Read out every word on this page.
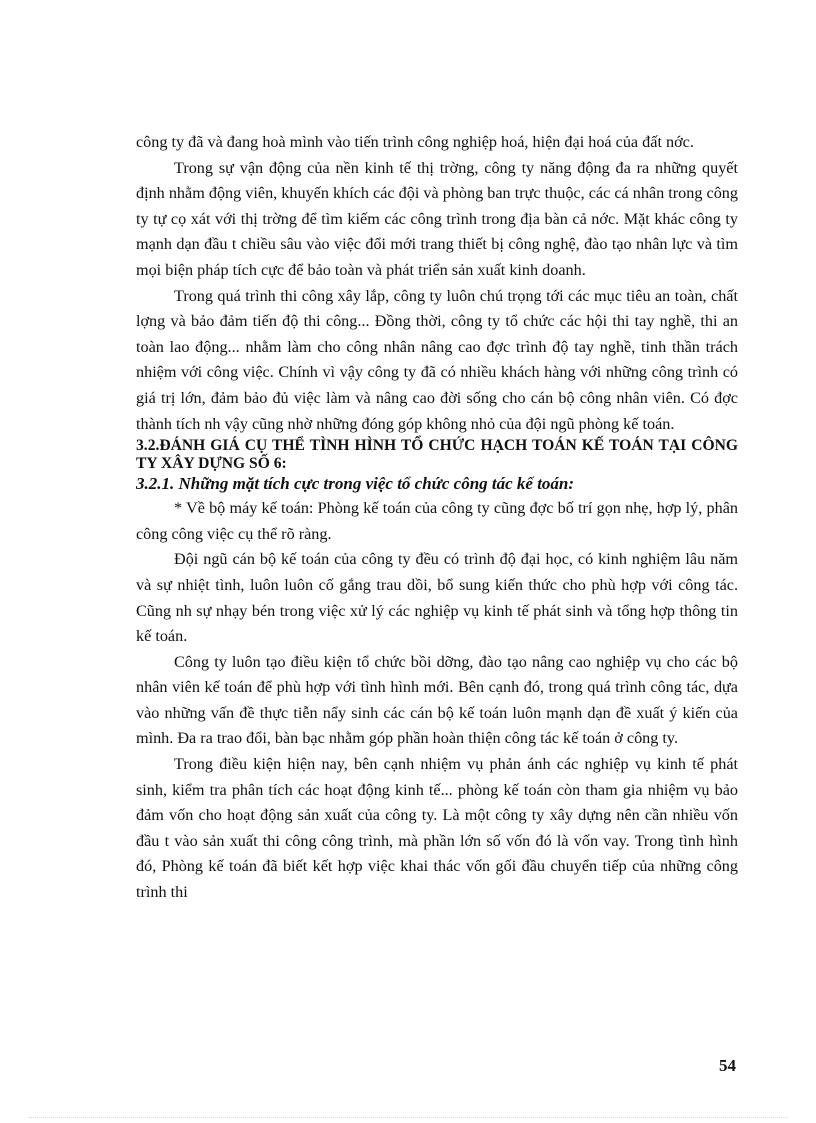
công ty đã và đang hoà mình vào tiến trình công nghiệp hoá, hiện đại hoá của đất nớc.

Trong sự vận động của nền kinh tế thị trờng, công ty năng động đa ra những quyết định nhằm động viên, khuyến khích các đội và phòng ban trực thuộc, các cá nhân trong công ty tự cọ xát với thị trờng để tìm kiếm các công trình trong địa bàn cả nớc. Mặt khác công ty mạnh dạn đầu t chiều sâu vào việc đổi mới trang thiết bị công nghệ, đào tạo nhân lực và tìm mọi biện pháp tích cực để bảo toàn và phát triển sản xuất kinh doanh.

Trong quá trình thi công xây lắp, công ty luôn chú trọng tới các mục tiêu an toàn, chất lợng và bảo đảm tiến độ thi công... Đồng thời, công ty tổ chức các hội thi tay nghề, thi an toàn lao động... nhằm làm cho công nhân nâng cao đợc trình độ tay nghề, tinh thần trách nhiệm với công việc. Chính vì vậy công ty đã có nhiều khách hàng với những công trình có giá trị lớn, đảm bảo đủ việc làm và nâng cao đời sống cho cán bộ công nhân viên. Có đợc thành tích nh vậy cũng nhờ những đóng góp không nhỏ của đội ngũ phòng kế toán.

3.2.ĐÁNH GIÁ CỤ THỂ TÌNH HÌNH TỔ CHỨC HẠCH TOÁN KẾ TOÁN TẠI CÔNG TY XÂY DỰNG SỐ 6:

3.2.1. Những mặt tích cực trong việc tổ chức công tác kế toán:

* Về bộ máy kế toán: Phòng kế toán của công ty cũng đợc bố trí gọn nhẹ, hợp lý, phân công công việc cụ thể rõ ràng.

Đội ngũ cán bộ kế toán của công ty đều có trình độ đại học, có kinh nghiệm lâu năm và sự nhiệt tình, luôn luôn cố gắng trau dồi, bổ sung kiến thức cho phù hợp với công tác. Cũng nh sự nhạy bén trong việc xử lý các nghiệp vụ kinh tế phát sinh và tổng hợp thông tin kế toán.

Công ty luôn tạo điều kiện tổ chức bồi dỡng, đào tạo nâng cao nghiệp vụ cho các bộ nhân viên kế toán để phù hợp với tình hình mới. Bên cạnh đó, trong quá trình công tác, dựa vào những vấn đề thực tiễn nẩy sinh các cán bộ kế toán luôn mạnh dạn đề xuất ý kiến của mình. Đa ra trao đổi, bàn bạc nhằm góp phần hoàn thiện công tác kế toán ở công ty.

Trong điều kiện hiện nay, bên cạnh nhiệm vụ phản ánh các nghiệp vụ kinh tế phát sinh, kiểm tra phân tích các hoạt động kinh tế... phòng kế toán còn tham gia nhiệm vụ bảo đảm vốn cho hoạt động sản xuất của công ty. Là một công ty xây dựng nên cần nhiều vốn đầu t vào sản xuất thi công công trình, mà phần lớn số vốn đó là vốn vay. Trong tình hình đó, Phòng kế toán đã biết kết hợp việc khai thác vốn gối đầu chuyển tiếp của những công trình thi

54
